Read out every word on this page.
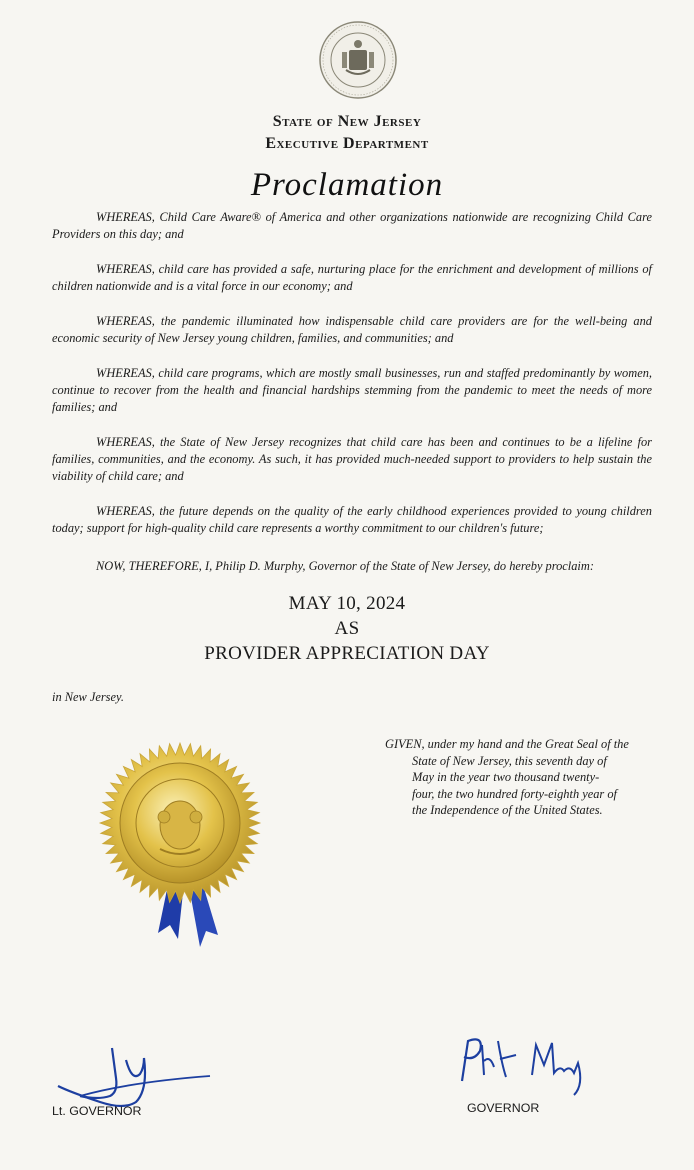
State of New Jersey
Executive Department
Proclamation

WHEREAS, Child Care Aware® of America and other organizations nationwide are recognizing Child Care Providers on this day; and

WHEREAS, child care has provided a safe, nurturing place for the enrichment and development of millions of children nationwide and is a vital force in our economy; and

WHEREAS, the pandemic illuminated how indispensable child care providers are for the well-being and economic security of New Jersey young children, families, and communities; and

WHEREAS, child care programs, which are mostly small businesses, run and staffed predominantly by women, continue to recover from the health and financial hardships stemming from the pandemic to meet the needs of more families; and

WHEREAS, the State of New Jersey recognizes that child care has been and continues to be a lifeline for families, communities, and the economy. As such, it has provided much-needed support to providers to help sustain the viability of child care; and

WHEREAS, the future depends on the quality of the early childhood experiences provided to young children today; support for high-quality child care represents a worthy commitment to our children's future;

NOW, THEREFORE, I, Philip D. Murphy, Governor of the State of New Jersey, do hereby proclaim:
MAY 10, 2024
AS
PROVIDER APPRECIATION DAY
in New Jersey.
GIVEN, under my hand and the Great Seal of the
State of New Jersey, this seventh day of
May in the year two thousand twenty-
four, the two hundred forty-eighth year of
the Independence of the United States.
Lt. GOVERNOR	GOVERNOR
